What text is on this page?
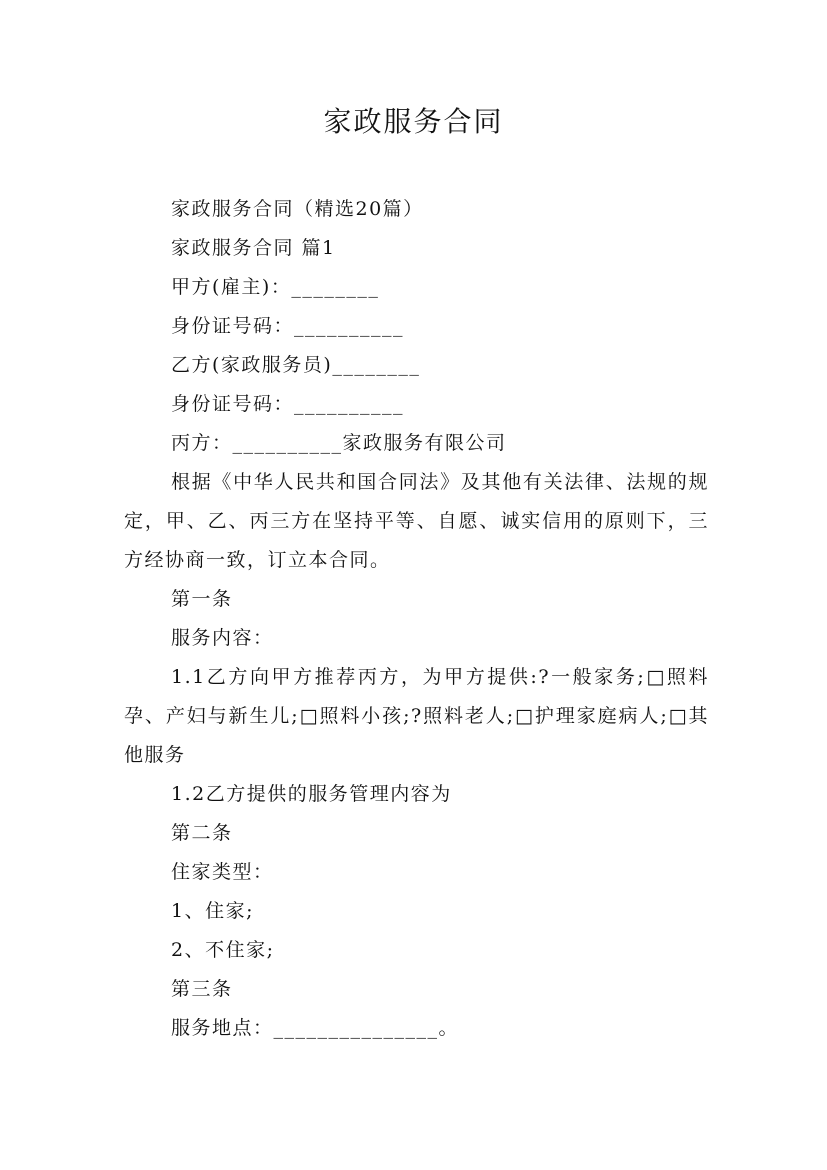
家政服务合同

家政服务合同（精选20篇）

家政服务合同 篇1

甲方(雇主)：________

身份证号码：__________

乙方(家政服务员)________

身份证号码：__________

丙方：__________家政服务有限公司

根据《中华人民共和国合同法》及其他有关法律、法规的规定，甲、乙、丙三方在坚持平等、自愿、诚实信用的原则下，三方经协商一致，订立本合同。

第一条

服务内容：

1.1乙方向甲方推荐丙方，为甲方提供:?一般家务;□照料孕、产妇与新生儿;□照料小孩;?照料老人;□护理家庭病人;□其他服务

1.2乙方提供的服务管理内容为

第二条

住家类型：

1、住家;

2、不住家;

第三条

服务地点：_______________。
